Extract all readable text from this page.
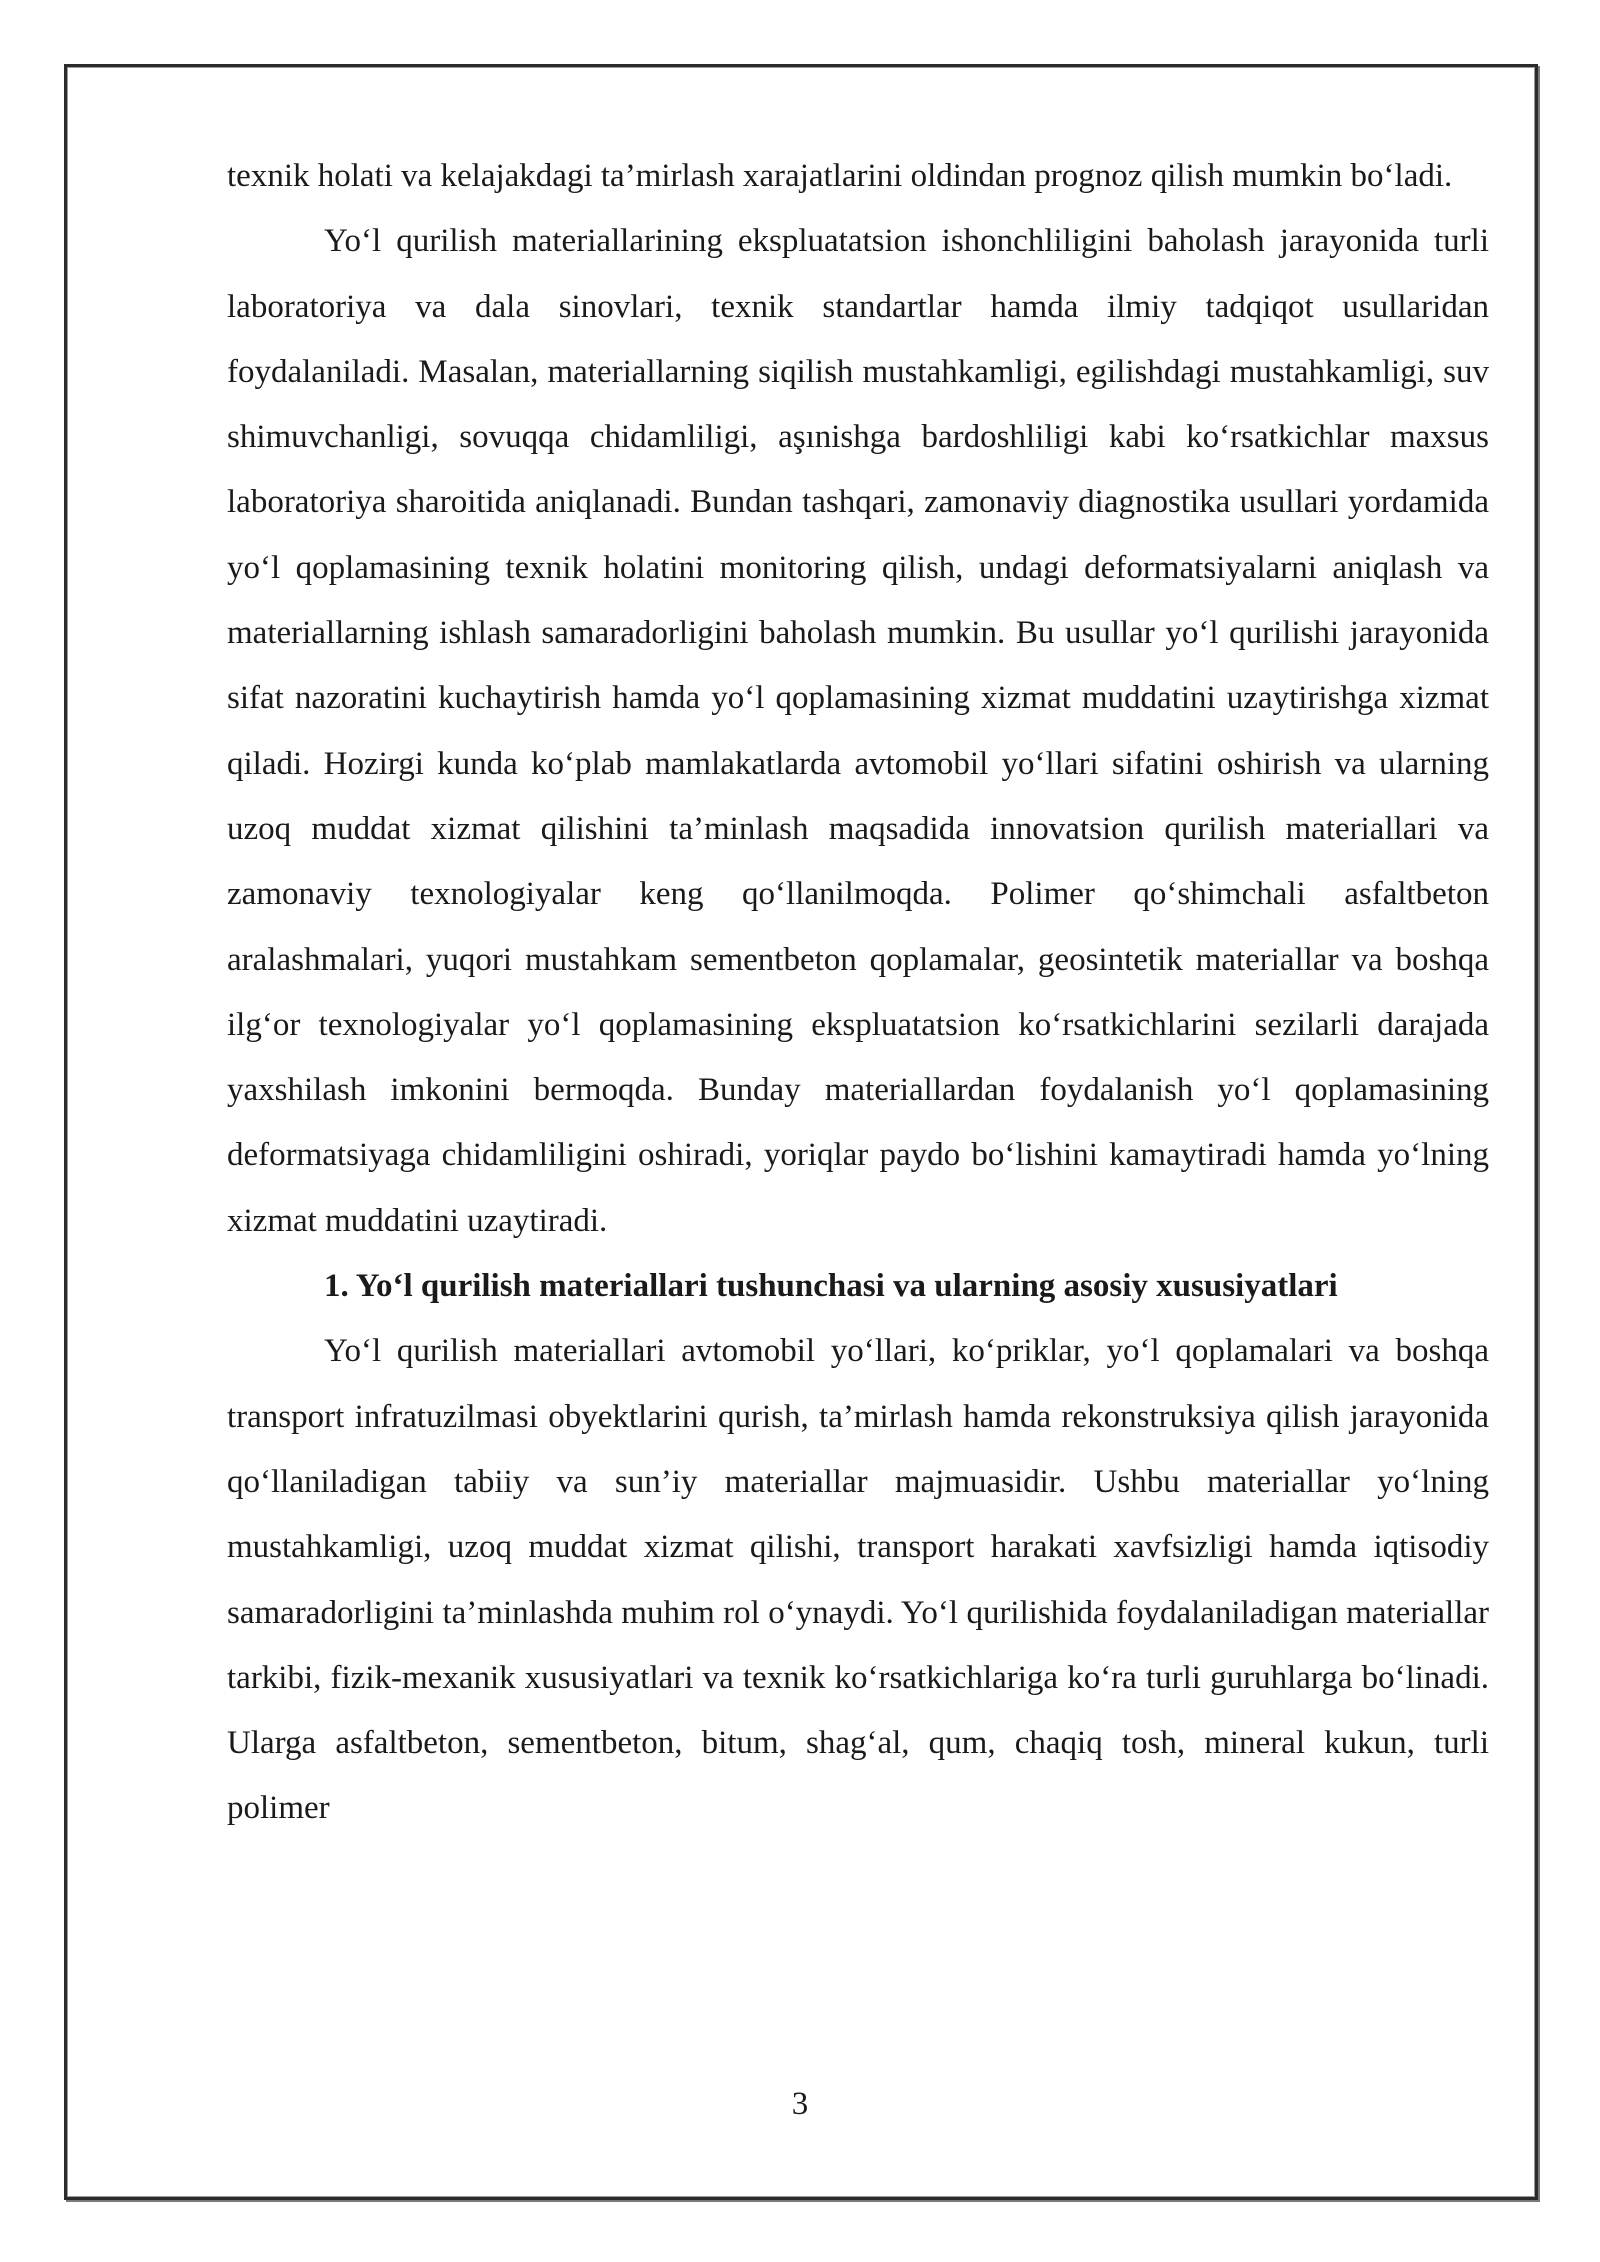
texnik holati va kelajakdagi ta’mirlash xarajatlarini oldindan prognoz qilish mumkin bo‘ladi.

Yo‘l qurilish materiallarining ekspluatatsion ishonchliligini baholash jarayonida turli laboratoriya va dala sinovlari, texnik standartlar hamda ilmiy tadqiqot usullaridan foydalaniladi. Masalan, materiallarning siqilish mustahkamligi, egilishdagi mustahkamligi, suv shimuvchanligi, sovuqqa chidamliligi, aşınishga bardoshliligi kabi ko‘rsatkichlar maxsus laboratoriya sharoitida aniqlanadi. Bundan tashqari, zamonaviy diagnostika usullari yordamida yo‘l qoplamasining texnik holatini monitoring qilish, undagi deformatsiyalarni aniqlash va materiallarning ishlash samaradorligini baholash mumkin. Bu usullar yo‘l qurilishi jarayonida sifat nazoratini kuchaytirish hamda yo‘l qoplamasining xizmat muddatini uzaytirishga xizmat qiladi. Hozirgi kunda ko‘plab mamlakatlarda avtomobil yo‘llari sifatini oshirish va ularning uzoq muddat xizmat qilishini ta’minlash maqsadida innovatsion qurilish materiallari va zamonaviy texnologiyalar keng qo‘llanilmoqda. Polimer qo‘shimchali asfaltbeton aralashmalari, yuqori mustahkam sementbeton qoplamalar, geosintetik materiallar va boshqa ilg‘or texnologiyalar yo‘l qoplamasining ekspluatatsion ko‘rsatkichlarini sezilarli darajada yaxshilash imkonini bermoqda. Bunday materiallardan foydalanish yo‘l qoplamasining deformatsiyaga chidamliligini oshiradi, yoriqlar paydo bo‘lishini kamaytiradi hamda yo‘lning xizmat muddatini uzaytiradi.

1. Yo‘l qurilish materiallari tushunchasi va ularning asosiy xususiyatlari

Yo‘l qurilish materiallari avtomobil yo‘llari, ko‘priklar, yo‘l qoplamalari va boshqa transport infratuzilmasi obyektlarini qurish, ta’mirlash hamda rekonstruksiya qilish jarayonida qo‘llaniladigan tabiiy va sun’iy materiallar majmuasidir. Ushbu materiallar yo‘lning mustahkamligi, uzoq muddat xizmat qilishi, transport harakati xavfsizligi hamda iqtisodiy samaradorligini ta’minlashda muhim rol o‘ynaydi. Yo‘l qurilishida foydalaniladigan materiallar tarkibi, fizik-mexanik xususiyatlari va texnik ko‘rsatkichlariga ko‘ra turli guruhlarga bo‘linadi. Ularga asfaltbeton, sementbeton, bitum, shag‘al, qum, chaqiq tosh, mineral kukun, turli polimer

3
